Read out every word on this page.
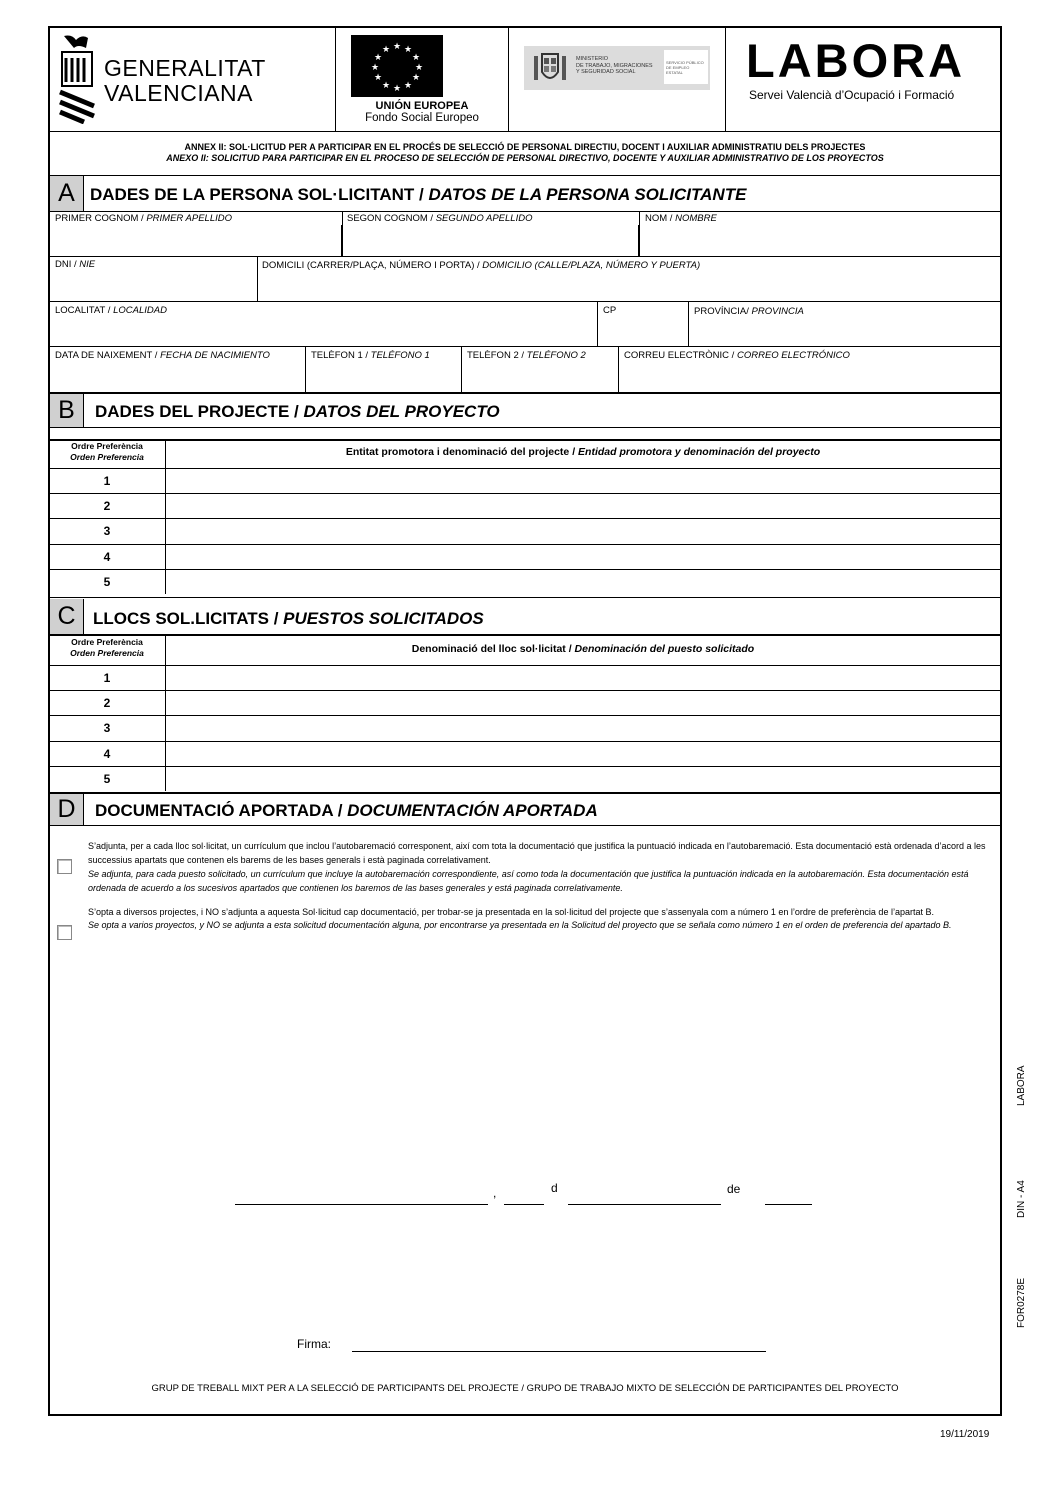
GENERALITAT
VALENCIANA
★ ★
★
★
★
★
★
★
★
★
★
★
UNIÓN EUROPEA
Fondo Social Europeo
MINISTERIO
DE TRABAJO, MIGRACIONES
Y SEGURIDAD SOCIAL
SERVICIO PÚBLICO
DE EMPLEO ESTATAL	LABORA
Servei Valencià d’Ocupació i Formació
ANNEX II: SOL·LICITUD PER A PARTICIPAR EN EL PROCÉS DE SELECCIÓ DE PERSONAL DIRECTIU, DOCENT I AUXILIAR ADMINISTRATIU DELS PROJECTES
ANEXO II: SOLICITUD PARA PARTICIPAR EN EL PROCESO DE SELECCIÓN DE PERSONAL DIRECTIVO, DOCENTE Y AUXILIAR ADMINISTRATIVO DE LOS PROYECTOS
A DADES DE LA PERSONA SOL·LICITANT / DATOS DE LA PERSONA SOLICITANTE
PRIMER COGNOM / PRIMER APELLIDO	SEGON COGNOM / SEGUNDO APELLIDO	NOM / NOMBRE
DNI / NIE	DOMICILI (CARRER/PLAÇA, NÚMERO I PORTA) / DOMICILIO (CALLE/PLAZA, NÚMERO Y PUERTA)
LOCALITAT / LOCALIDAD	CP	PROVÍNCIA/ PROVINCIA
DATA DE NAIXEMENT / FECHA DE NACIMIENTO	TELÈFON 1 / TELÉFONO 1	TELÈFON 2 / TELÉFONO 2	CORREU ELECTRÒNIC / CORREO ELECTRÓNICO
B	DADES DEL PROJECTE / DATOS DEL PROYECTO
Ordre Preferència
Orden Preferencia	Entitat promotora i denominació del projecte / Entidad promotora y denominación del proyecto
1
2
3
4
5
C	LLOCS SOL.LICITATS / PUESTOS SOLICITADOS
Ordre Preferència
Orden Preferencia	Denominació del lloc sol·licitat / Denominación del puesto solicitado
1
2
3
4
5
D	DOCUMENTACIÓ APORTADA / DOCUMENTACIÓN APORTADA
S’adjunta, per a cada lloc sol·licitat, un currículum que inclou l’autobaremació corresponent, així com tota la documentació que justifica la puntuació indicada en l’autobaremació. Esta documentació està ordenada d’acord a les successius apartats que contenen els barems de les bases generals i està paginada correlativament.
Se adjunta, para cada puesto solicitado, un currículum que incluye la autobaremación correspondiente, así como toda la documentación que justifica la puntuación indicada en la autobaremación. Esta documentación está ordenada de acuerdo a los sucesivos apartados que contienen los baremos de las bases generales y está paginada correlativamente.
S’opta a diversos projectes, i NO s’adjunta a aquesta Sol·licitud cap documentació, per trobar-se ja presentada en la sol·licitud del projecte que s’assenyala com a número 1 en l’ordre de preferència de l’apartat B.
Se opta a varios proyectos, y NO se adjunta a esta solicitud documentación alguna, por encontrarse ya presentada en la Solicitud del proyecto que se señala como número 1 en el orden de preferencia del apartado B.
,	d	de
Firma:
GRUP DE TREBALL MIXT PER A LA SELECCIÓ DE PARTICIPANTS DEL PROJECTE / GRUPO DE TRABAJO MIXTO DE SELECCIÓN DE PARTICIPANTES DEL PROYECTO
FOR0278E
DIN - A4
LABORA
19/11/2019
